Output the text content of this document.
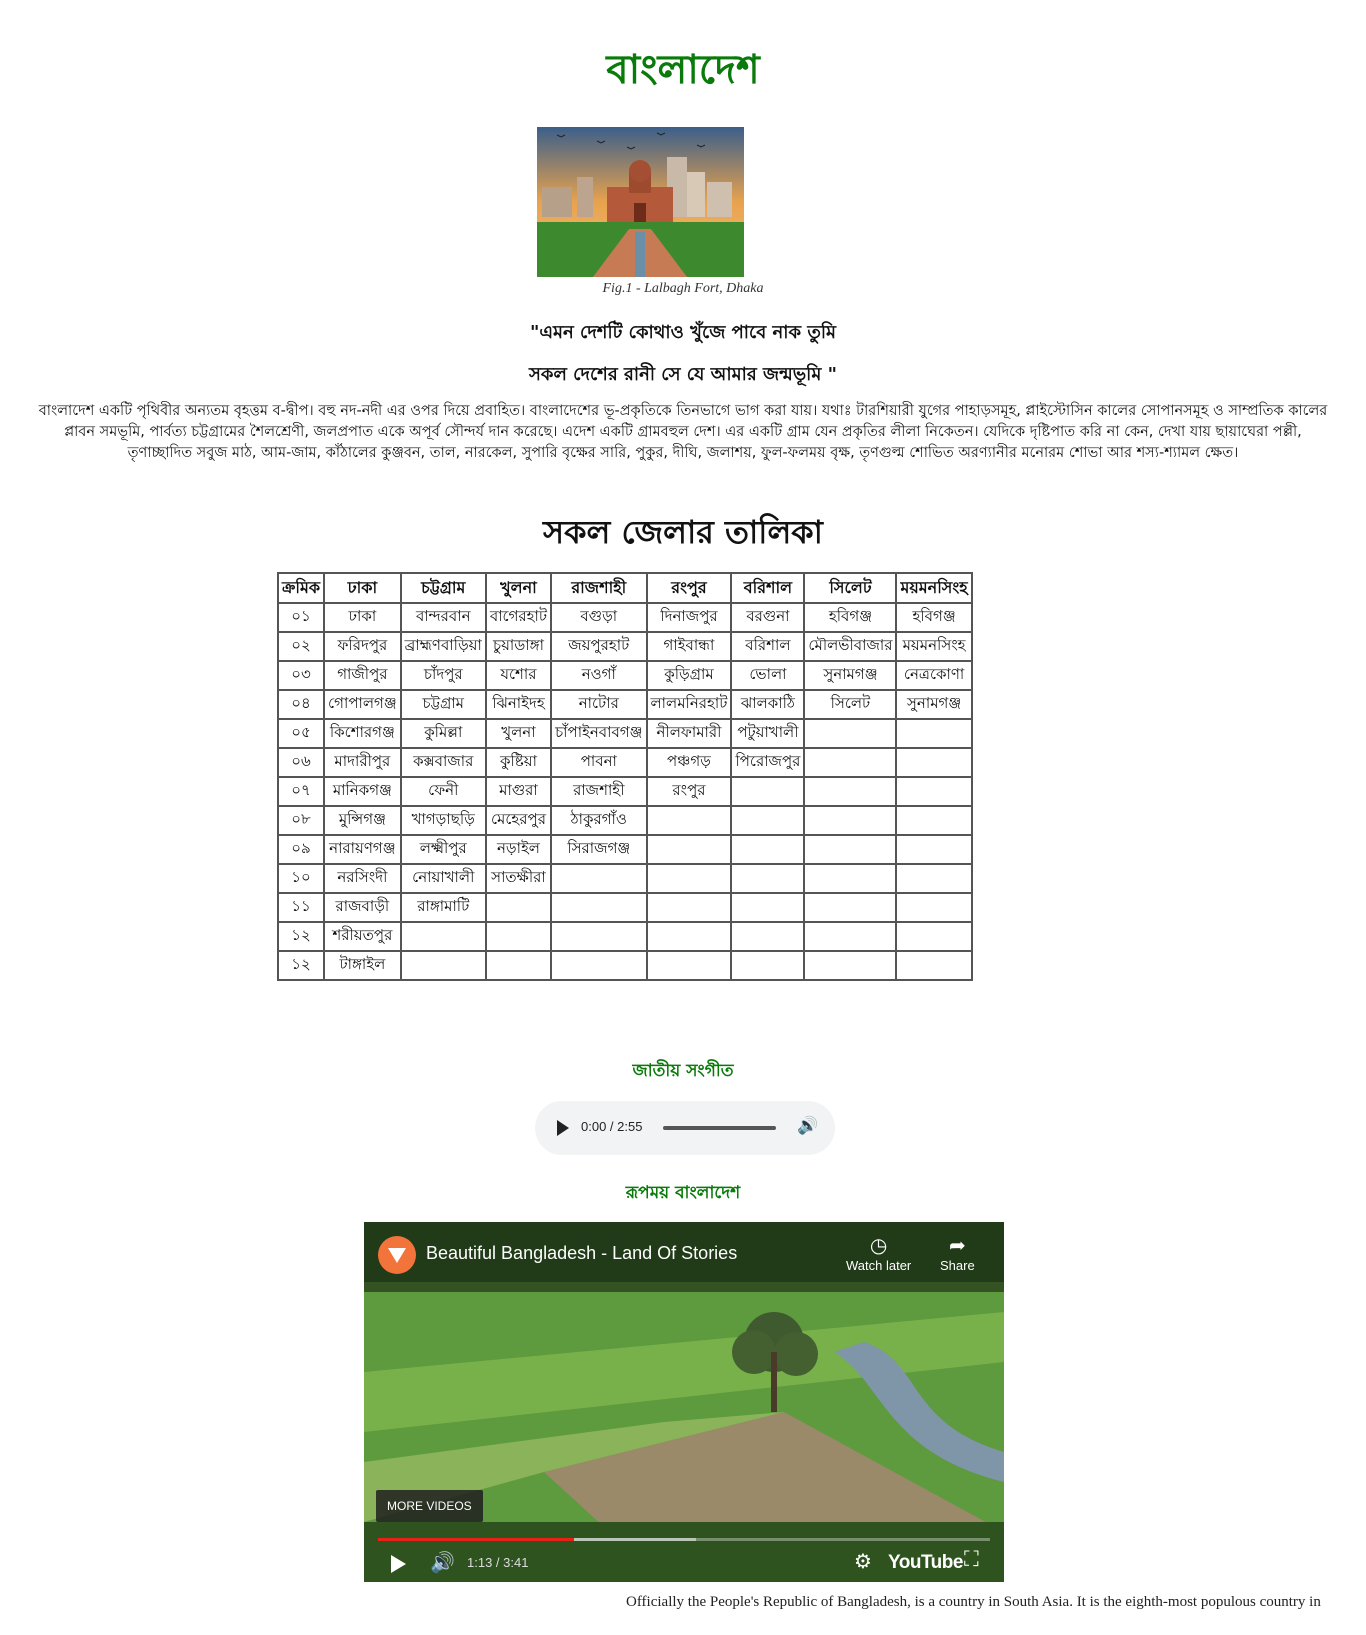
বাংলাদেশ
Fig.1 - Lalbagh Fort, Dhaka
"এমন দেশটি কোথাও খুঁজে পাবে নাক তুমি
সকল দেশের রানী সে যে আমার জন্মভূমি "
বাংলাদেশ একটি পৃথিবীর অন্যতম বৃহত্তম ব-দ্বীপ। বহু নদ-নদী এর ওপর দিয়ে প্রবাহিত। বাংলাদেশের ভূ-প্রকৃতিকে তিনভাগে ভাগ করা যায়। যথাঃ টারশিয়ারী যুগের পাহাড়সমূহ, প্লাইস্টোসিন কালের সোপানসমূহ ও সাম্প্রতিক কালের প্লাবন সমভূমি, পার্বত্য চট্টগ্রামের শৈলশ্রেণী, জলপ্রপাত একে অপূর্ব সৌন্দর্য দান করেছে। এদেশ একটি গ্রামবহুল দেশ। এর একটি গ্রাম যেন প্রকৃতির লীলা নিকেতন। যেদিকে দৃষ্টিপাত করি না কেন, দেখা যায় ছায়াঘেরা পল্লী, তৃণাচ্ছাদিত সবুজ মাঠ, আম-জাম, কাঁঠালের কুঞ্জবন, তাল, নারকেল, সুপারি বৃক্ষের সারি, পুকুর, দীঘি, জলাশয়, ফুল-ফলময় বৃক্ষ, তৃণগুল্ম শোভিত অরণ্যানীর মনোরম শোভা আর শস্য-শ্যামল ক্ষেত।
সকল জেলার তালিকা
ক্রমিক	ঢাকা	চট্টগ্রাম	খুলনা	রাজশাহী	রংপুর	বরিশাল	সিলেট	ময়মনসিংহ
০১	ঢাকা	বান্দরবান	বাগেরহাট	বগুড়া	দিনাজপুর	বরগুনা	হবিগঞ্জ	হবিগঞ্জ
০২	ফরিদপুর	ব্রাহ্মণবাড়িয়া	চুয়াডাঙ্গা	জয়পুরহাট	গাইবান্ধা	বরিশাল	মৌলভীবাজার	ময়মনসিংহ
০৩	গাজীপুর	চাঁদপুর	যশোর	নওগাঁ	কুড়িগ্রাম	ভোলা	সুনামগঞ্জ	নেত্রকোণা
০৪	গোপালগঞ্জ	চট্টগ্রাম	ঝিনাইদহ	নাটোর	লালমনিরহাট	ঝালকাঠি	সিলেট	সুনামগঞ্জ
০৫	কিশোরগঞ্জ	কুমিল্লা	খুলনা	চাঁপাইনবাবগঞ্জ	নীলফামারী	পটুয়াখালী		
০৬	মাদারীপুর	কক্সবাজার	কুষ্টিয়া	পাবনা	পঞ্চগড়	পিরোজপুর		
০৭	মানিকগঞ্জ	ফেনী	মাগুরা	রাজশাহী	রংপুর			
০৮	মুন্সিগঞ্জ	খাগড়াছড়ি	মেহেরপুর	ঠাকুরগাঁও				
০৯	নারায়ণগঞ্জ	লক্ষ্মীপুর	নড়াইল	সিরাজগঞ্জ				
১০	নরসিংদী	নোয়াখালী	সাতক্ষীরা					
১১	রাজবাড়ী	রাঙ্গামাটি						
১২	শরীয়তপুর							
১২	টাঙ্গাইল							
জাতীয় সংগীত
0:00 / 2:55	🔊
রূপময় বাংলাদেশ
Beautiful Bangladesh - Land Of Stories	◷
Watch later
➦
Share
MORE VIDEOS
🔊 1:13 / 3:41	⚙ YouTube ⛶
Officially the People's Republic of Bangladesh, is a country in South Asia. It is the eighth-most populous country in
